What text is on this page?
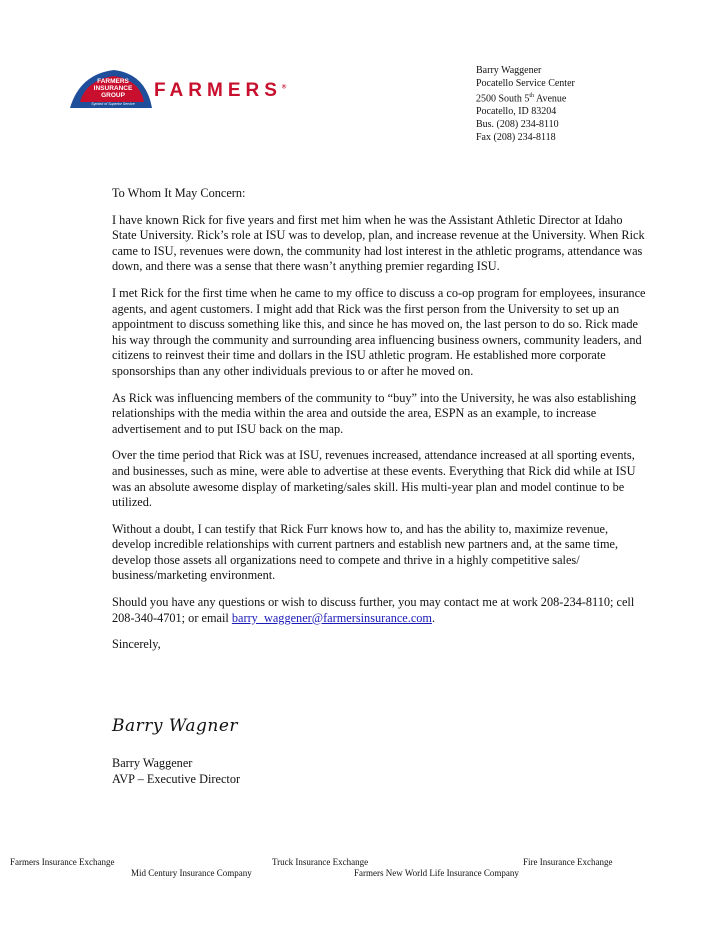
FARMERS
INSURANCE
GROUP
Symbol of Superior Service
FARMERS®
Barry Waggener
Pocatello Service Center
2500 South 5th Avenue
Pocatello, ID 83204
Bus. (208) 234-8110
Fax (208) 234-8118

To Whom It May Concern:

I have known Rick for five years and first met him when he was the Assistant Athletic Director at Idaho State University. Rick’s role at ISU was to develop, plan, and increase revenue at the University. When Rick came to ISU, revenues were down, the community had lost interest in the athletic programs, attendance was down, and there was a sense that there wasn’t anything premier regarding ISU.

I met Rick for the first time when he came to my office to discuss a co-op program for employees, insurance agents, and agent customers. I might add that Rick was the first person from the University to set up an appointment to discuss something like this, and since he has moved on, the last person to do so. Rick made his way through the community and surrounding area influencing business owners, community leaders, and citizens to reinvest their time and dollars in the ISU athletic program. He established more corporate sponsorships than any other individuals previous to or after he moved on.

As Rick was influencing members of the community to “buy” into the University, he was also establishing relationships with the media within the area and outside the area, ESPN as an example, to increase advertisement and to put ISU back on the map.

Over the time period that Rick was at ISU, revenues increased, attendance increased at all sporting events, and businesses, such as mine, were able to advertise at these events. Everything that Rick did while at ISU was an absolute awesome display of marketing/sales skill. His multi-year plan and model continue to be utilized.

Without a doubt, I can testify that Rick Furr knows how to, and has the ability to, maximize revenue, develop incredible relationships with current partners and establish new partners and, at the same time, develop those assets all organizations need to compete and thrive in a highly competitive sales/ business/marketing environment.

Should you have any questions or wish to discuss further, you may contact me at work 208-234-8110; cell 208-340-4701; or email barry_waggener@farmersinsurance.com.

Sincerely,

Barry Wagner
Barry Waggener
AVP – Executive Director
Farmers Insurance Exchange	Truck Insurance Exchange	Fire Insurance Exchange
Mid Century Insurance Company	Farmers New World Life Insurance Company
